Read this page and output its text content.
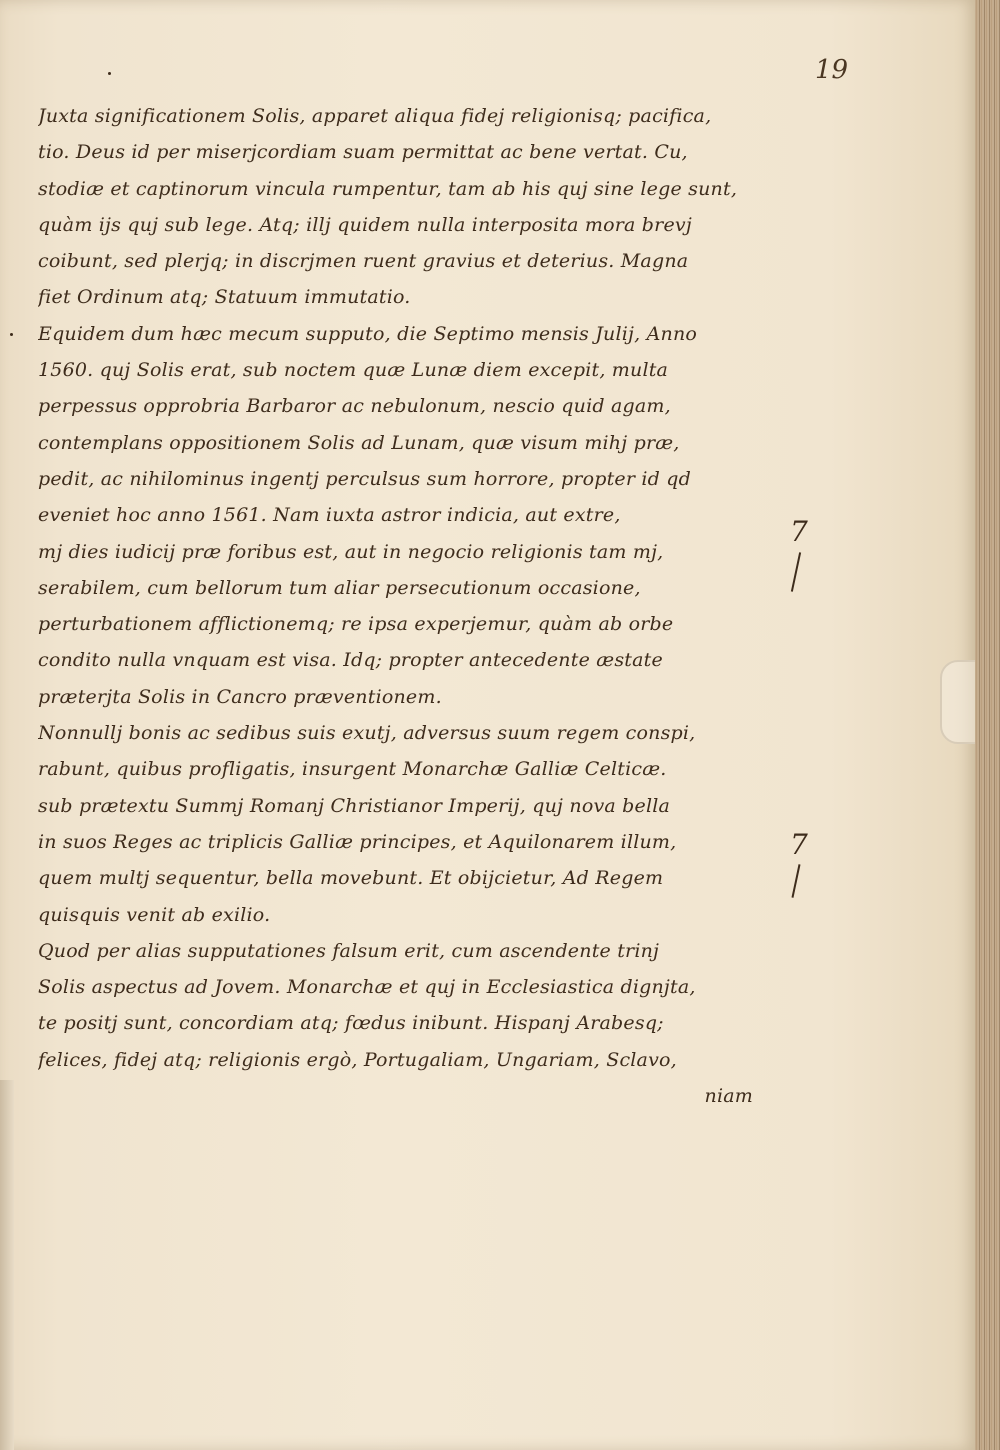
19
Juxta significationem Solis, apparet aliqua fidej religionisq; pacifica,
tio. Deus id per miserjcordiam suam permittat ac bene vertat. Cu,
stodiæ et captinorum vincula rumpentur, tam ab his quj sine lege sunt,
quàm ijs quj sub lege. Atq; illj quidem nulla interposita mora brevj
coibunt, sed plerjq; in discrjmen ruent gravius et deterius. Magna
fiet Ordinum atq; Statuum immutatio.
Equidem dum hæc mecum supputo, die Septimo mensis Julij, Anno
1560. quj Solis erat, sub noctem quæ Lunæ diem excepit, multa
perpessus opprobria Barbaror ac nebulonum, nescio quid agam,
contemplans oppositionem Solis ad Lunam, quæ visum mihj præ,
pedit, ac nihilominus ingentj perculsus sum horrore, propter id qd
eveniet hoc anno 1561. Nam iuxta astror indicia, aut extre,
mj dies iudicij præ foribus est, aut in negocio religionis tam mj,
serabilem, cum bellorum tum aliar persecutionum occasione,
perturbationem afflictionemq; re ipsa experjemur, quàm ab orbe
condito nulla vnquam est visa. Idq; propter antecedente æstate
præterjta Solis in Cancro præventionem.
Nonnullj bonis ac sedibus suis exutj, adversus suum regem conspi,
rabunt, quibus profligatis, insurgent Monarchæ Galliæ Celticæ.
sub prætextu Summj Romanj Christianor Imperij, quj nova bella
in suos Reges ac triplicis Galliæ principes, et Aquilonarem illum,
quem multj sequentur, bella movebunt. Et obijcietur, Ad Regem
quisquis venit ab exilio.
Quod per alias supputationes falsum erit, cum ascendente trinj
Solis aspectus ad Jovem. Monarchæ et quj in Ecclesiastica dignjta,
te positj sunt, concordiam atq; fœdus inibunt. Hispanj Arabesq;
felices, fidej atq; religionis ergò, Portugaliam, Ungariam, Sclavo,
niam
7
7
